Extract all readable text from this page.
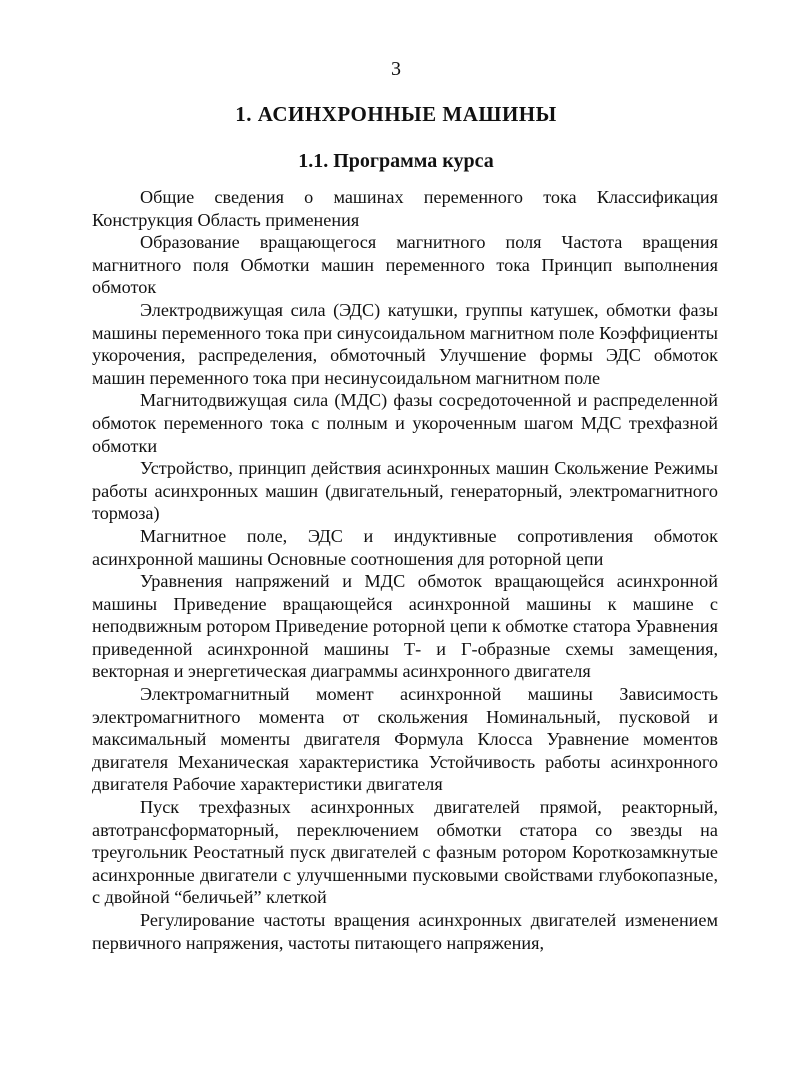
3
1. АСИНХРОННЫЕ МАШИНЫ
1.1. Программа курса

Общие сведения о машинах переменного тока Классификация Конструкция Область применения

Образование вращающегося магнитного поля Частота вращения магнитного поля Обмотки машин переменного тока Принцип выполнения обмоток

Электродвижущая сила (ЭДС) катушки, группы катушек, обмотки фазы машины переменного тока при синусоидальном магнитном поле Коэффициенты укорочения, распределения, обмоточный Улучшение формы ЭДС обмоток машин переменного тока при несинусоидальном магнитном поле

Магнитодвижущая сила (МДС) фазы сосредоточенной и распределенной обмоток переменного тока с полным и укороченным шагом МДС трехфазной обмотки

Устройство, принцип действия асинхронных машин Скольжение Режимы работы асинхронных машин (двигательный, генераторный, электромагнитного тормоза)

Магнитное поле, ЭДС и индуктивные сопротивления обмоток асинхронной машины Основные соотношения для роторной цепи

Уравнения напряжений и МДС обмоток вращающейся асинхронной машины Приведение вращающейся асинхронной машины к машине с неподвижным ротором Приведение роторной цепи к обмотке статора Уравнения приведенной асинхронной машины Т- и Г-образные схемы замещения, векторная и энергетическая диаграммы асинхронного двигателя

Электромагнитный момент асинхронной машины Зависимость электромагнитного момента от скольжения Номинальный, пусковой и максимальный моменты двигателя Формула Клосса Уравнение моментов двигателя Механическая характеристика Устойчивость работы асинхронного двигателя Рабочие характеристики двигателя

Пуск трехфазных асинхронных двигателей прямой, реакторный, автотрансформаторный, переключением обмотки статора со звезды на треугольник Реостатный пуск двигателей с фазным ротором Короткозамкнутые асинхронные двигатели с улучшенными пусковыми свойствами глубокопазные, с двойной “беличьей” клеткой

Регулирование частоты вращения асинхронных двигателей изменением первичного напряжения, частоты питающего напряжения,
